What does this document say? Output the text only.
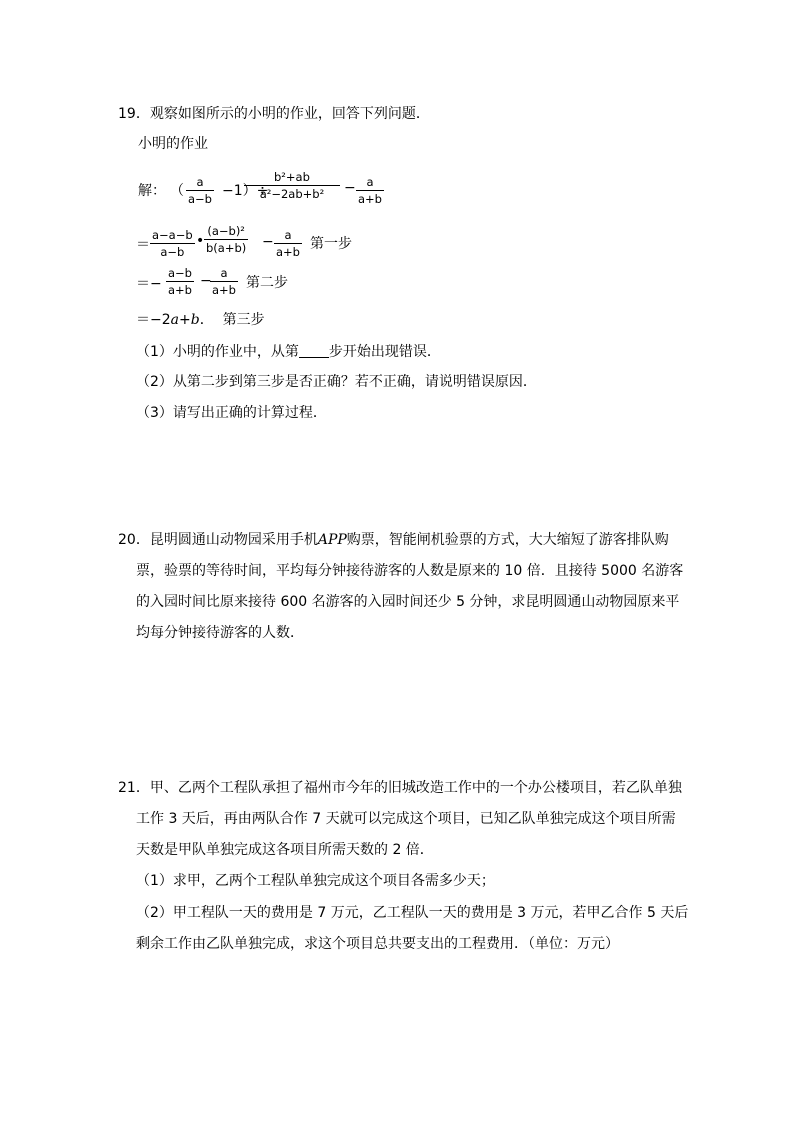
19．观察如图所示的小明的作业，回答下列问题．
小明的作业
解： （ $\frac{a}{a-b} -1)\div$
$\frac{\text{b²+ab}}{\text{a²−2ab+b²}} - \frac{a}{a+b}$
＝ $\frac{a-a-b}{a-b}$ • $\frac{\text{(a−b)²}}{b(a+b)} - \frac{a}{a+b}$ 第一步
＝− $\frac{a-b}{a+b}$ −
$\frac{a}{a+b}$ 第二步
＝−2a+b． 第三步
（1）小明的作业中，从第 步开始出现错误．
（2）从第二步到第三步是否正确？若不正确，请说明错误原因．
（3）请写出正确的计算过程．
20．昆明圆通山动物园采用手机APP购票，智能闸机验票的方式，大大缩短了游客排队购
票，验票的等待时间，平均每分钟接待游客的人数是原来的 10 倍．且接待 5000 名游客
的入园时间比原来接待 600 名游客的入园时间还少 5 分钟，求昆明圆通山动物园原来平
均每分钟接待游客的人数．
21．甲、乙两个工程队承担了福州市今年的旧城改造工作中的一个办公楼项目，若乙队单独
工作 3 天后，再由两队合作 7 天就可以完成这个项目，已知乙队单独完成这个项目所需
天数是甲队单独完成这各项目所需天数的 2 倍．
（1）求甲，乙两个工程队单独完成这个项目各需多少天；
（2）甲工程队一天的费用是 7 万元，乙工程队一天的费用是 3 万元，若甲乙合作 5 天后
剩余工作由乙队单独完成，求这个项目总共要支出的工程费用．（单位：万元）
